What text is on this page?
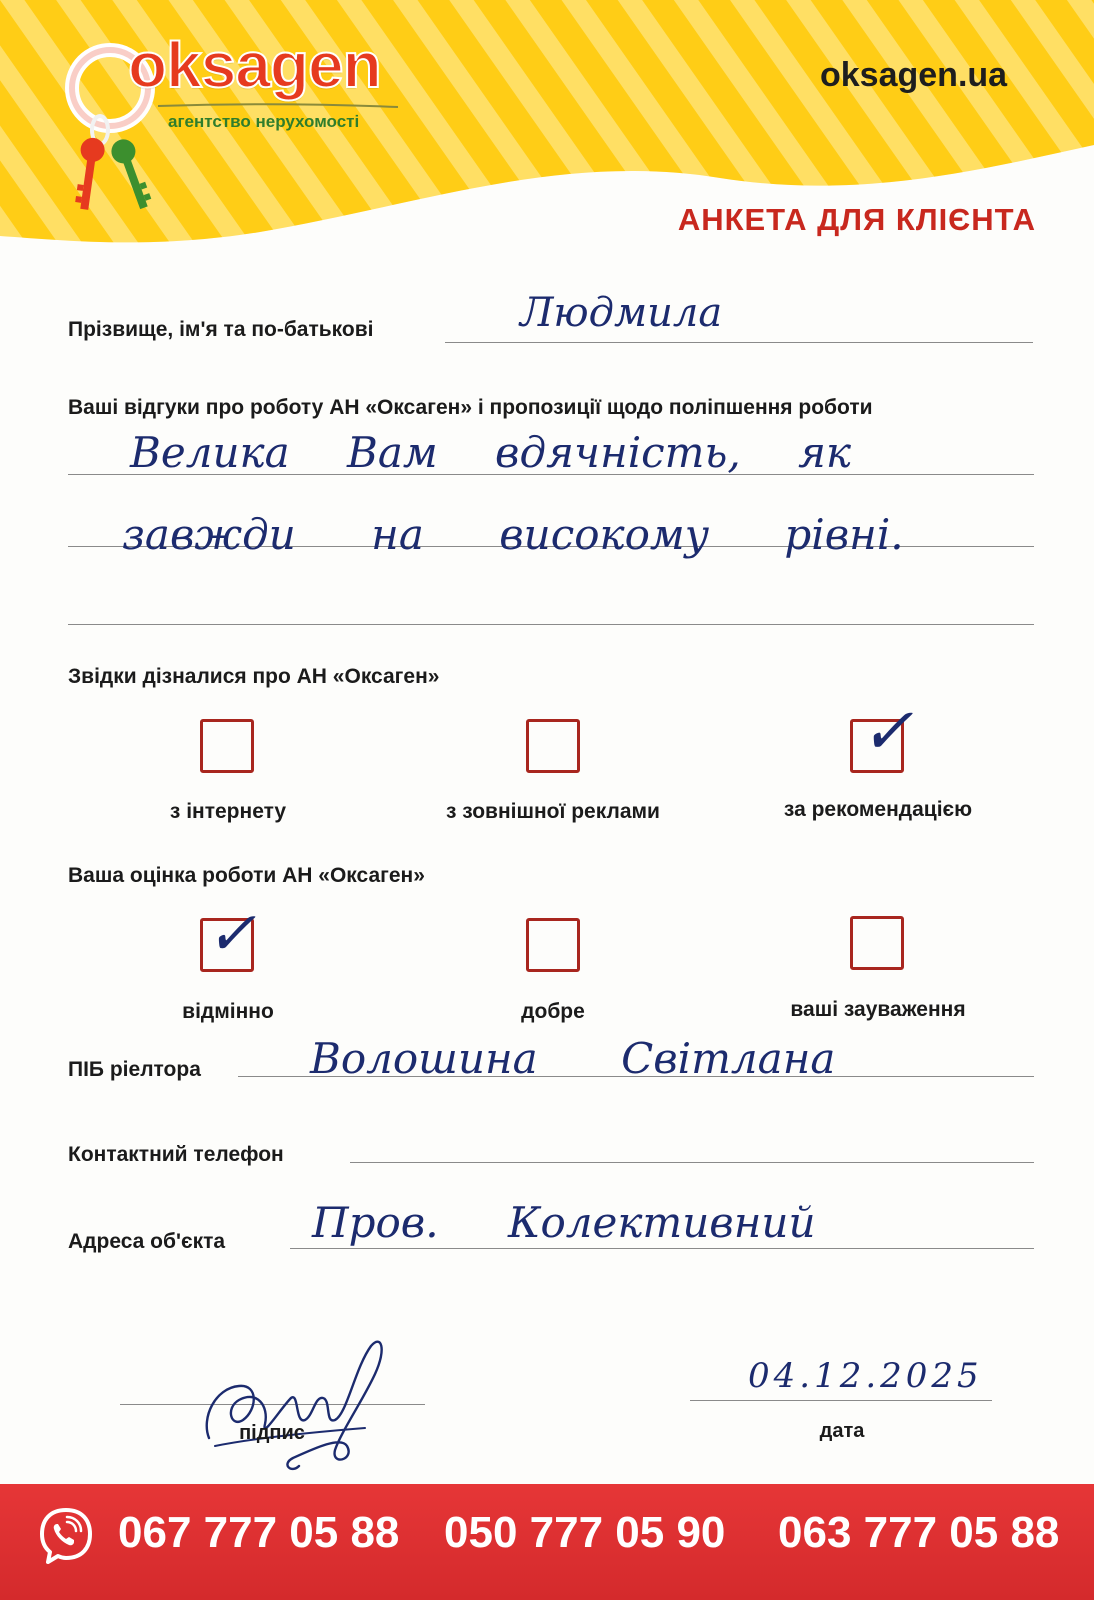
oksagen
агентство нерухомості
oksagen.ua
АНКЕТА ДЛЯ КЛІЄНТА
Прізвище, ім'я та по-батькові	Людмила
Ваші відгуки про роботу АН «Оксаген» і пропозиції щодо поліпшення роботи
Велика Вам вдячність, як
завжди на високому рівні.
Звідки дізналися про АН «Оксаген»
✓
з інтернету	з зовнішної реклами	за рекомендацією
Ваша оцінка роботи АН «Оксаген»
✓
відмінно	добре	ваші зауваження
ПІБ ріелтора	Волошина Світлана
Контактний телефон
Адреса об'єкта Пров. Колективний
підпис
04.12.2025
дата
067 777 05 88 050 777 05 90 063 777 05 88
